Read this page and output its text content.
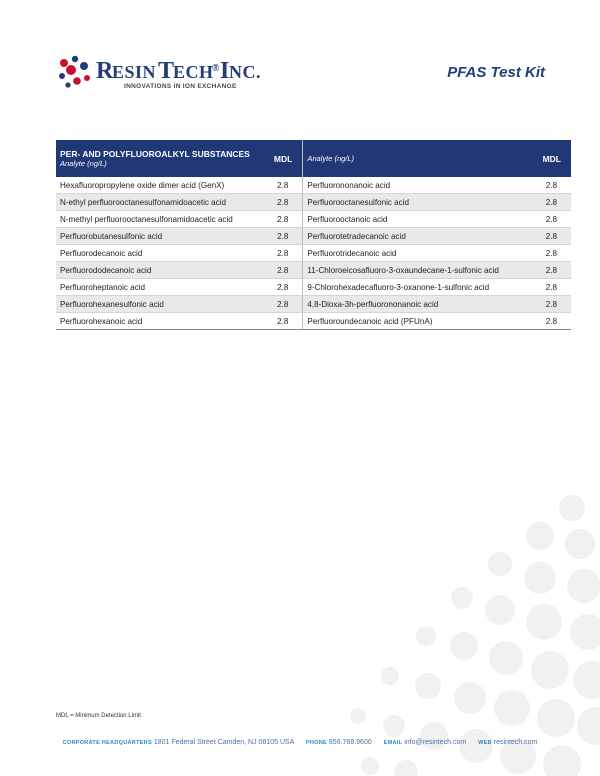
R
ESIN T
ECH
® I NC.
INNOVATIONS IN ION EXCHANGE
PFAS Test Kit
PER- AND POLYFLUOROALKYL SUBSTANCES
Analyte (ng/L)	MDL	Analyte (ng/L)	MDL
Hexafluoropropylene oxide dimer acid (GenX)	2.8	Perfluorononanoic acid	2.8
N-ethyl perfluorooctanesulfonamidoacetic acid	2.8	Perfluorooctanesulfonic acid	2.8
N-methyl perfluorooctanesulfonamidoacetic acid	2.8	Perfluorooctanoic acid	2.8
Perfluorobutanesulfonic acid	2.8	Perfluorotetradecanoic acid	2.8
Perfluorodecanoic acid	2.8	Perfluorotridecanoic acid	2.8
Perfluorododecanoic acid	2.8	11-Chloroeicosafluoro-3-oxaundecane-1-sulfonic acid	2.8
Perfluoroheptanoic acid	2.8	9-Chlorohexadecafluoro-3-oxanone-1-sulfonic acid	2.8
Perfluorohexanesulfonic acid	2.8	4,8-Dioxa-3h-perfluorononanoic acid	2.8
Perfluorohexanoic acid	2.8	Perfluoroundecanoic acid (PFUnA)	2.8
MDL = Minimum Detection Limit
CORPORATE HEADQUARTERS 1801 Federal Street Camden, NJ 08105 USA PHONE 856.768.9600 EMAIL info@resintech.com WEB resintech.com
